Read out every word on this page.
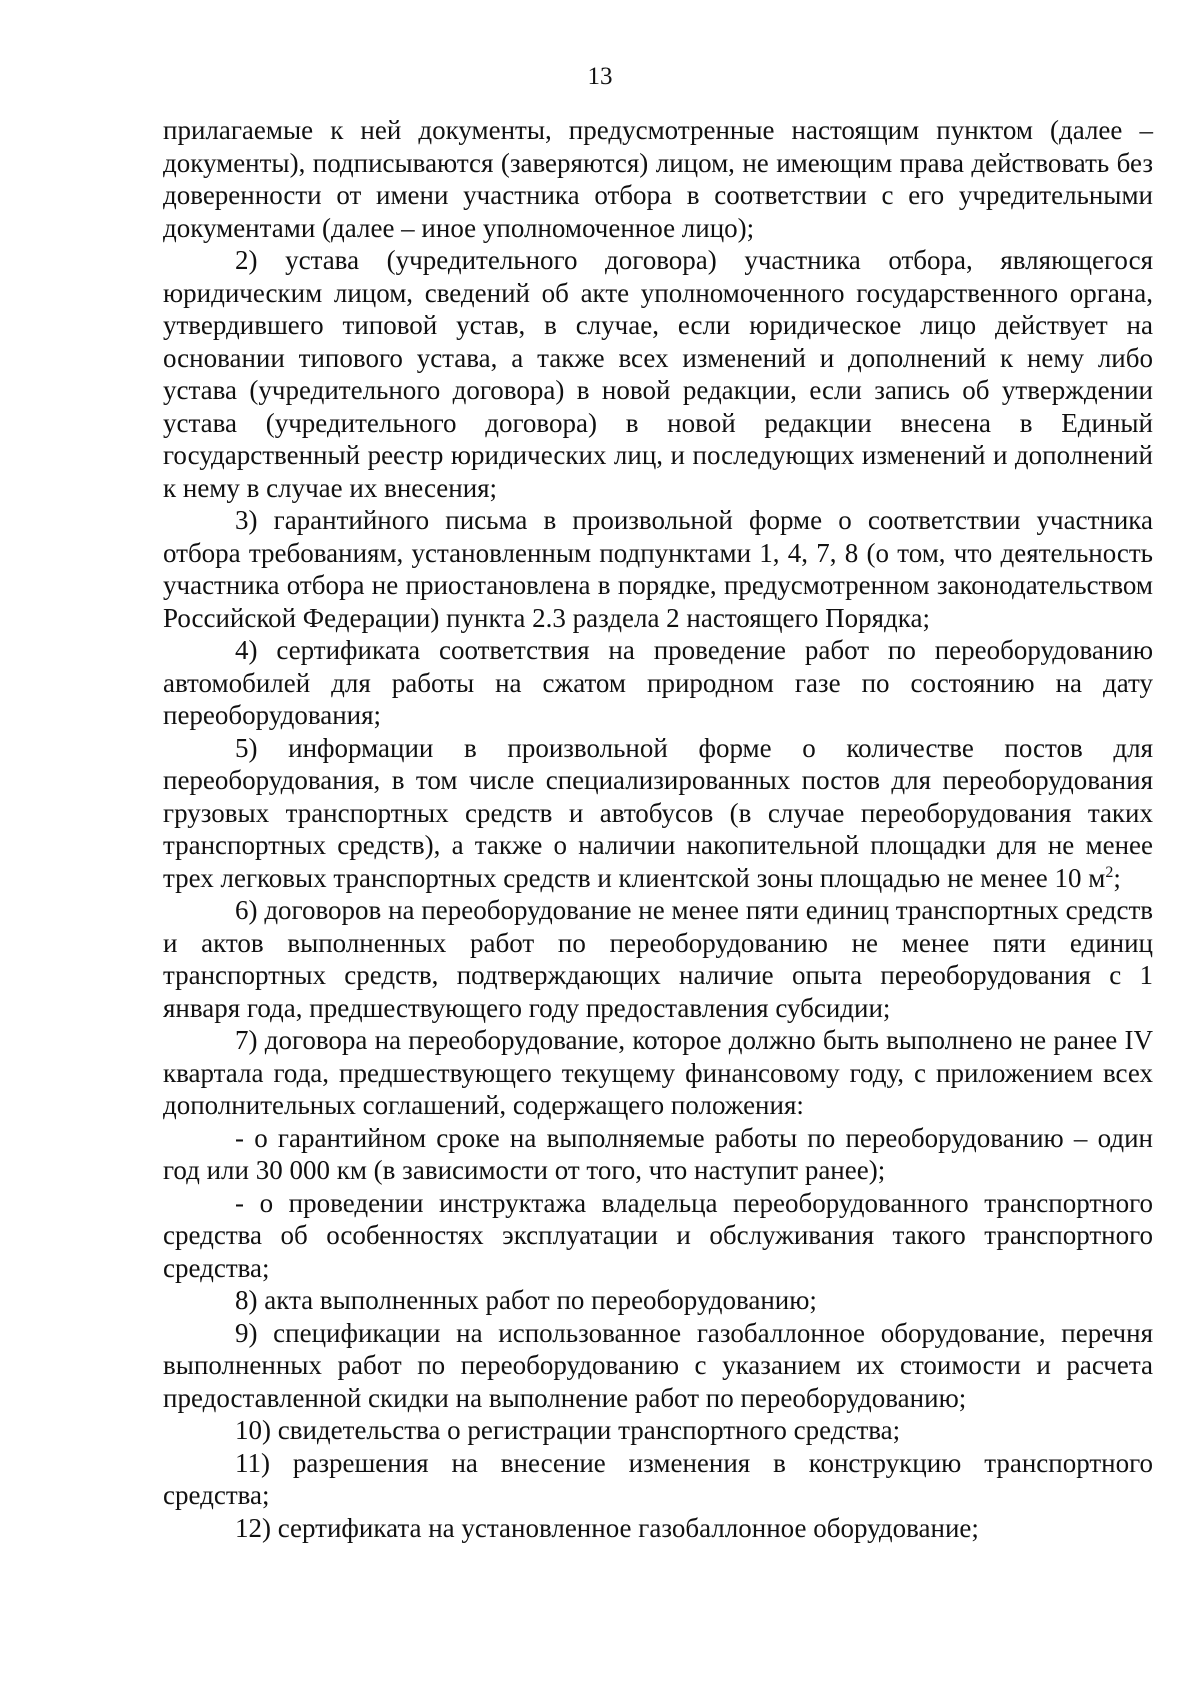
13

прилагаемые к ней документы, предусмотренные настоящим пунктом (далее – документы), подписываются (заверяются) лицом, не имеющим права действовать без доверенности от имени участника отбора в соответствии с его учредительными документами (далее – иное уполномоченное лицо);

2) устава (учредительного договора) участника отбора, являющегося юридическим лицом, сведений об акте уполномоченного государственного органа, утвердившего типовой устав, в случае, если юридическое лицо действует на основании типового устава, а также всех изменений и дополнений к нему либо устава (учредительного договора) в новой редакции, если запись об утверждении устава (учредительного договора) в новой редакции внесена в Единый государственный реестр юридических лиц, и последующих изменений и дополнений к нему в случае их внесения;

3) гарантийного письма в произвольной форме о соответствии участника отбора требованиям, установленным подпунктами 1, 4, 7, 8 (о том, что деятельность участника отбора не приостановлена в порядке, предусмотренном законодательством Российской Федерации) пункта 2.3 раздела 2 настоящего Порядка;

4) сертификата соответствия на проведение работ по переоборудованию автомобилей для работы на сжатом природном газе по состоянию на дату переоборудования;

5) информации в произвольной форме о количестве постов для переоборудования, в том числе специализированных постов для переоборудования грузовых транспортных средств и автобусов (в случае переоборудования таких транспортных средств), а также о наличии накопительной площадки для не менее трех легковых транспортных средств и клиентской зоны площадью не менее 10 $м^2$;

6) договоров на переоборудование не менее пяти единиц транспортных средств и актов выполненных работ по переоборудованию не менее пяти единиц транспортных средств, подтверждающих наличие опыта переоборудования с 1 января года, предшествующего году предоставления субсидии;

7) договора на переоборудование, которое должно быть выполнено не ранее IV квартала года, предшествующего текущему финансовому году, с приложением всех дополнительных соглашений, содержащего положения:

- о гарантийном сроке на выполняемые работы по переоборудованию – один год или 30 000 км (в зависимости от того, что наступит ранее);

- о проведении инструктажа владельца переоборудованного транспортного средства об особенностях эксплуатации и обслуживания такого транспортного средства;

8) акта выполненных работ по переоборудованию;

9) спецификации на использованное газобаллонное оборудование, перечня выполненных работ по переоборудованию с указанием их стоимости и расчета предоставленной скидки на выполнение работ по переоборудованию;

10) свидетельства о регистрации транспортного средства;

11) разрешения на внесение изменения в конструкцию транспортного средства;

12) сертификата на установленное газобаллонное оборудование;
